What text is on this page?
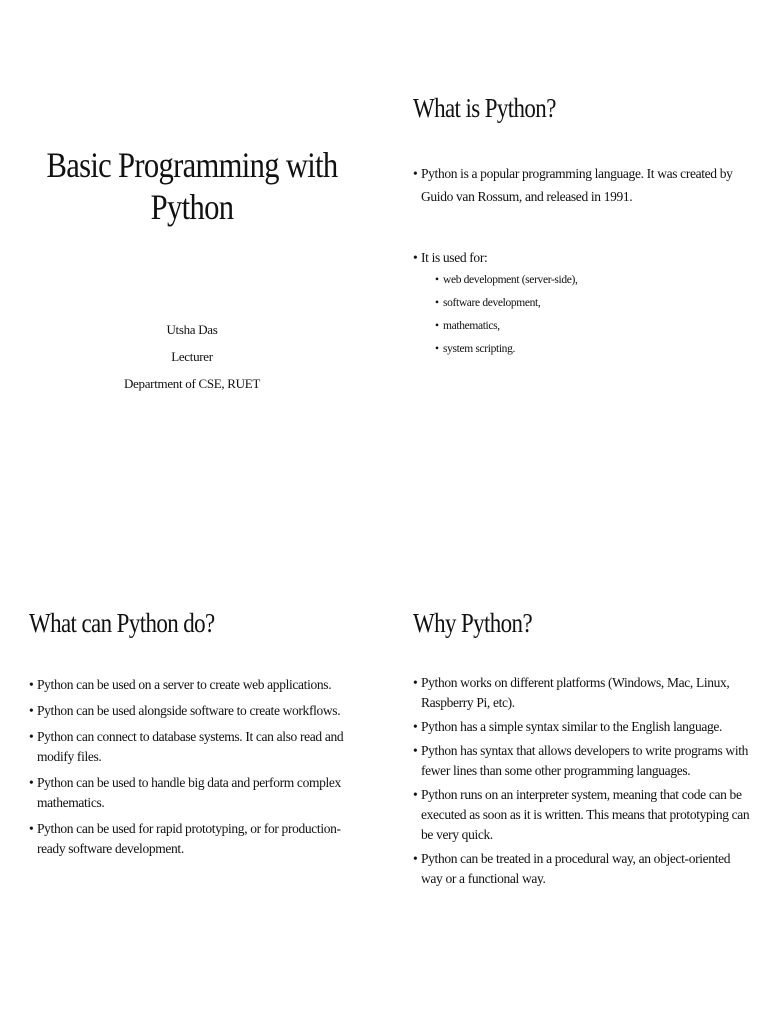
Basic Programming with
Python
Utsha Das
Lecturer
Department of CSE, RUET
What is Python?
• Python is a popular programming language. It was created by Guido van Rossum, and released in 1991.
• It is used for:
• web development (server-side),
• software development,
• mathematics,
• system scripting.
What can Python do?
• Python can be used on a server to create web applications.
• Python can be used alongside software to create workflows.
• Python can connect to database systems. It can also read and modify files.
• Python can be used to handle big data and perform complex mathematics.
• Python can be used for rapid prototyping, or for production-ready software development.
Why Python?
• Python works on different platforms (Windows, Mac, Linux, Raspberry Pi, etc).
• Python has a simple syntax similar to the English language.
• Python has syntax that allows developers to write programs with fewer lines than some other programming languages.
• Python runs on an interpreter system, meaning that code can be executed as soon as it is written. This means that prototyping can be very quick.
• Python can be treated in a procedural way, an object-oriented way or a functional way.
